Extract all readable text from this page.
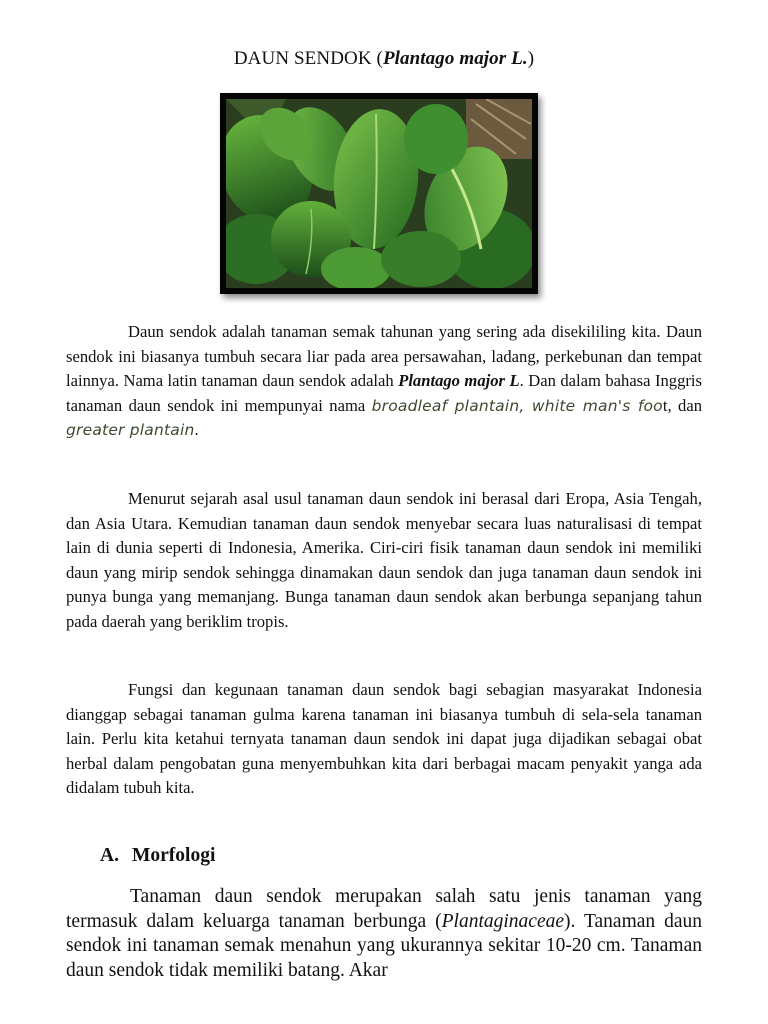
DAUN SENDOK (Plantago major L.)

Daun sendok adalah tanaman semak tahunan yang sering ada disekililing kita. Daun sendok ini biasanya tumbuh secara liar pada area persawahan, ladang, perkebunan dan tempat lainnya. Nama latin tanaman daun sendok adalah Plantago major L. Dan dalam bahasa Inggris tanaman daun sendok ini mempunyai nama broadleaf plantain, white man's foot, dan greater plantain.

Menurut sejarah asal usul tanaman daun sendok ini berasal dari Eropa, Asia Tengah, dan Asia Utara. Kemudian tanaman daun sendok menyebar secara luas naturalisasi di tempat lain di dunia seperti di Indonesia, Amerika. Ciri-ciri fisik tanaman daun sendok ini memiliki daun yang mirip sendok sehingga dinamakan daun sendok dan juga tanaman daun sendok ini punya bunga yang memanjang. Bunga tanaman daun sendok akan berbunga sepanjang tahun pada daerah yang beriklim tropis.

Fungsi dan kegunaan tanaman daun sendok bagi sebagian masyarakat Indonesia dianggap sebagai tanaman gulma karena tanaman ini biasanya tumbuh di sela-sela tanaman lain. Perlu kita ketahui ternyata tanaman daun sendok ini dapat juga dijadikan sebagai obat herbal dalam pengobatan guna menyembuhkan kita dari berbagai macam penyakit yanga ada didalam tubuh kita.

A. Morfologi

Tanaman daun sendok merupakan salah satu jenis tanaman yang termasuk dalam keluarga tanaman berbunga (Plantaginaceae). Tanaman daun sendok ini tanaman semak menahun yang ukurannya sekitar 10-20 cm. Tanaman daun sendok tidak memiliki batang. Akar
